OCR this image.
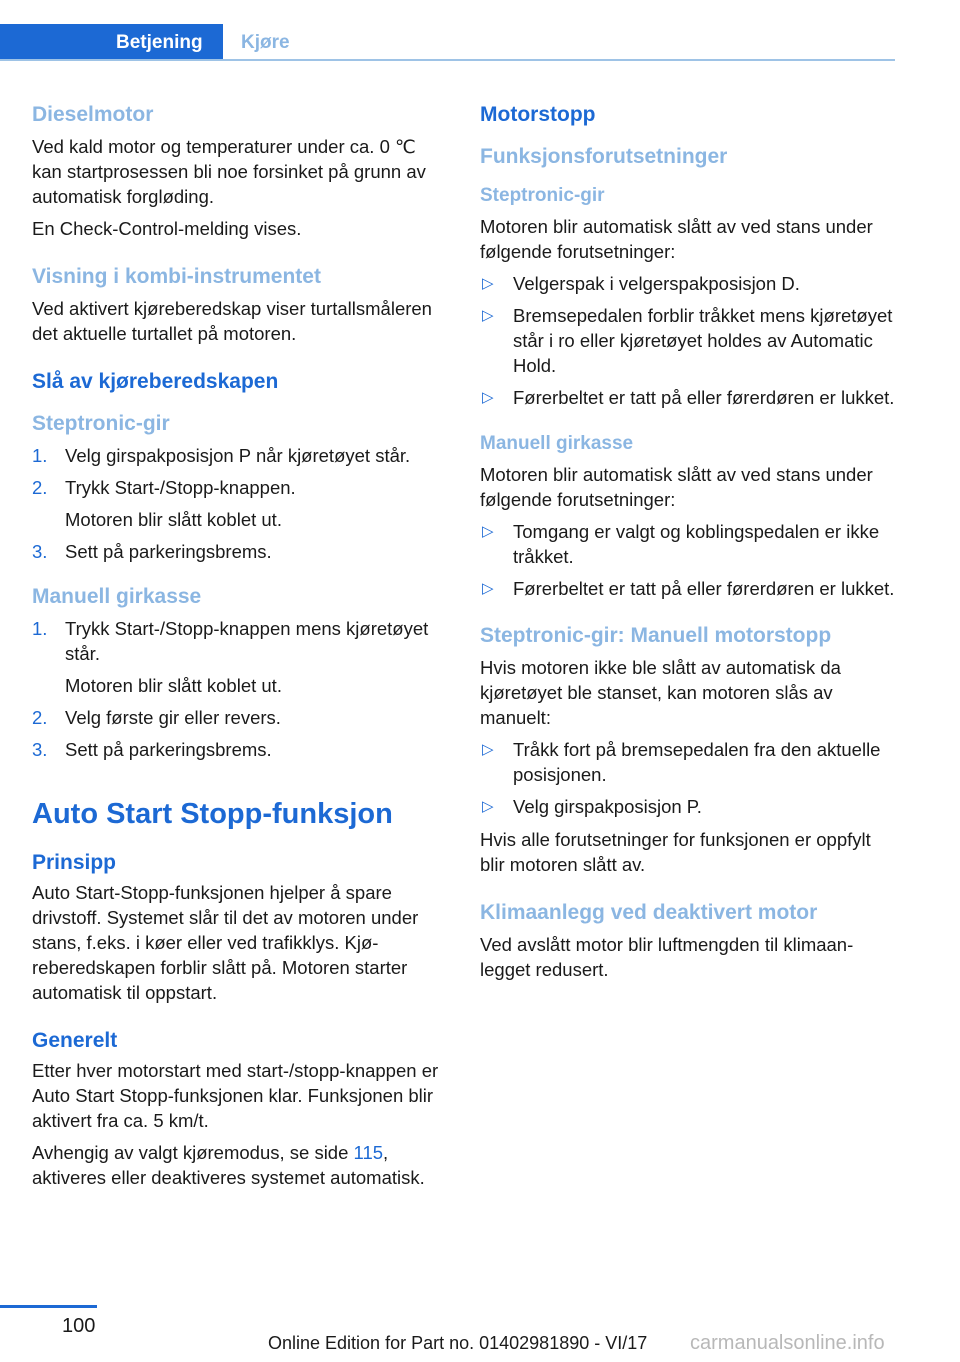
Betjening	Kjøre
Dieselmotor

Ved kald motor og temperaturer under ca. 0 ℃ kan startprosessen bli noe forsinket på grunn av automatisk forgløding.

En Check-Control-melding vises.

Visning i kombi-instrumentet

Ved aktivert kjøreberedskap viser turtallsmåleren det aktuelle turtallet på motoren.

Slå av kjøreberedskapen
Steptronic-gir
1. Velg girspakposisjon P når kjøretøyet står.
2. Trykk Start-/Stopp-knappen.
Motoren blir slått koblet ut.
3. Sett på parkeringsbrems.
Manuell girkasse
1. Trykk Start-/Stopp-knappen mens kjøretøyet står.
Motoren blir slått koblet ut.
2. Velg første gir eller revers.
3. Sett på parkeringsbrems.
Auto Start Stopp-funksjon
Prinsipp

Auto Start-Stopp-funksjonen hjelper å spare drivstoff. Systemet slår til det av motoren under stans, f.eks. i køer eller ved trafikklys. Kjøreberedskapen forblir slått på. Motoren starter automatisk til oppstart.

Generelt

Etter hver motorstart med start-/stopp-knappen er Auto Start Stopp-funksjonen klar. Funksjonen blir aktivert fra ca. 5 km/t.

Avhengig av valgt kjøremodus, se side 115, aktiveres eller deaktiveres systemet automatisk.

Motorstopp
Funksjonsforutsetninger
Steptronic-gir

Motoren blir automatisk slått av ved stans under følgende forutsetninger:

▷ Velgerspak i velgerspakposisjon D.
▷ Bremsepedalen forblir tråkket mens kjøretøyet står i ro eller kjøretøyet holdes av Automatic Hold.
▷ Førerbeltet er tatt på eller førerdøren er lukket.
Manuell girkasse

Motoren blir automatisk slått av ved stans under følgende forutsetninger:

▷ Tomgang er valgt og koblingspedalen er ikke tråkket.
▷ Førerbeltet er tatt på eller førerdøren er lukket.
Steptronic-gir: Manuell motorstopp

Hvis motoren ikke ble slått av automatisk da kjøretøyet ble stanset, kan motoren slås av manuelt:

▷ Tråkk fort på bremsepedalen fra den aktuelle posisjonen.
▷ Velg girspakposisjon P.

Hvis alle forutsetninger for funksjonen er oppfylt blir motoren slått av.

Klimaanlegg ved deaktivert motor

Ved avslått motor blir luftmengden til klimaanlegget redusert.

100
Online Edition for Part no. 01402981890 - VI/17 carmanualsonline.info
